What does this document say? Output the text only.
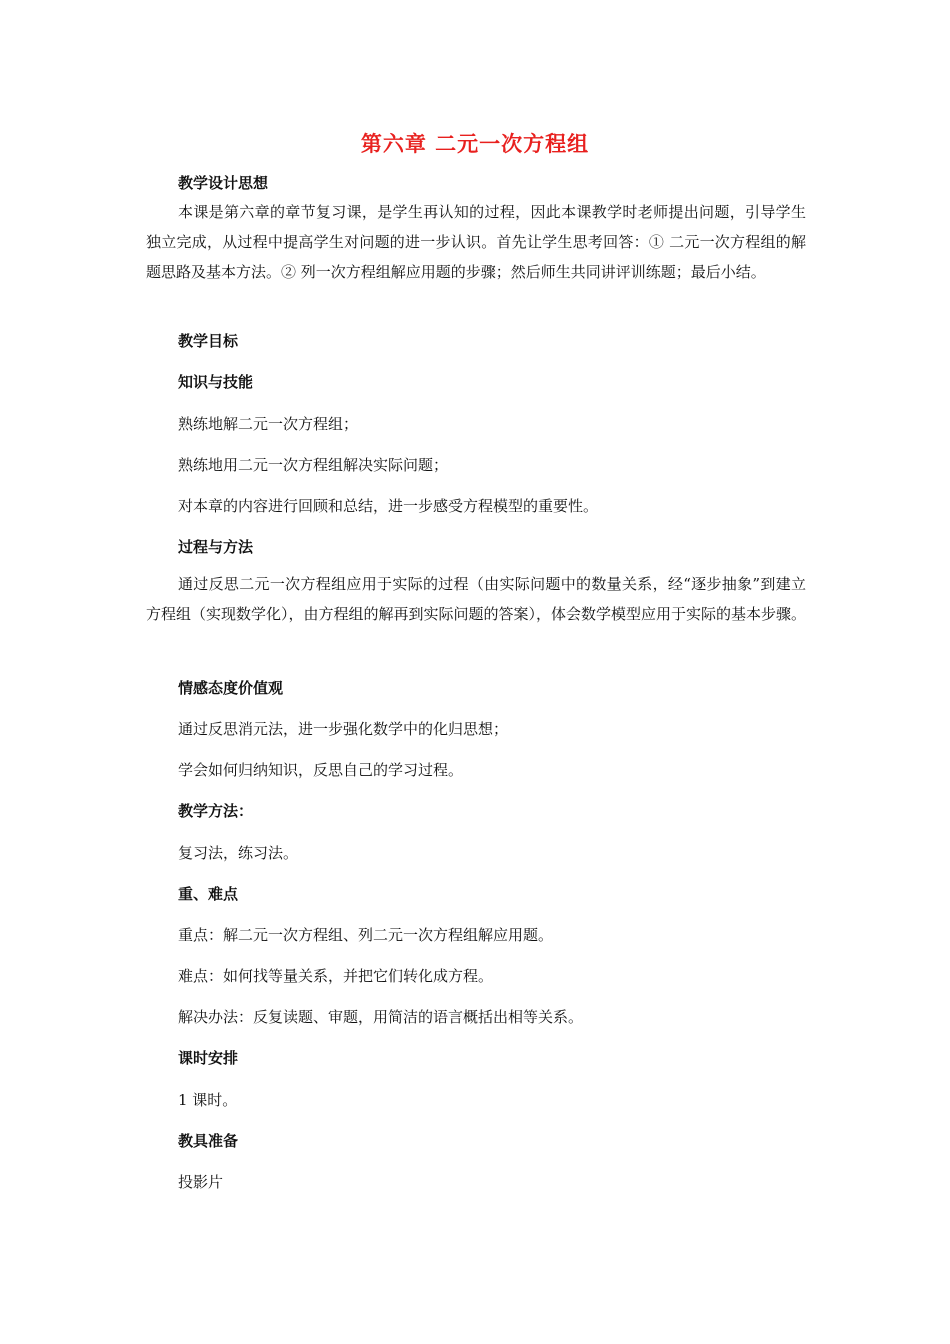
第六章 二元一次方程组
教学设计思想
本课是第六章的章节复习课，是学生再认知的过程，因此本课教学时老师提出问题，引导学生独立完成，从过程中提高学生对问题的进一步认识。首先让学生思考回答：① 二元一次方程组的解题思路及基本方法。② 列一次方程组解应用题的步骤；然后师生共同讲评训练题；最后小结。
教学目标
知识与技能
熟练地解二元一次方程组；
熟练地用二元一次方程组解决实际问题；
对本章的内容进行回顾和总结，进一步感受方程模型的重要性。
过程与方法
通过反思二元一次方程组应用于实际的过程（由实际问题中的数量关系，经“逐步抽象”到建立方程组（实现数学化），由方程组的解再到实际问题的答案），体会数学模型应用于实际的基本步骤。
情感态度价值观
通过反思消元法，进一步强化数学中的化归思想；
学会如何归纳知识，反思自己的学习过程。
教学方法：
复习法，练习法。
重、难点
重点：解二元一次方程组、列二元一次方程组解应用题。
难点：如何找等量关系，并把它们转化成方程。
解决办法：反复读题、审题，用简洁的语言概括出相等关系。
课时安排
1 课时。
教具准备
投影片
